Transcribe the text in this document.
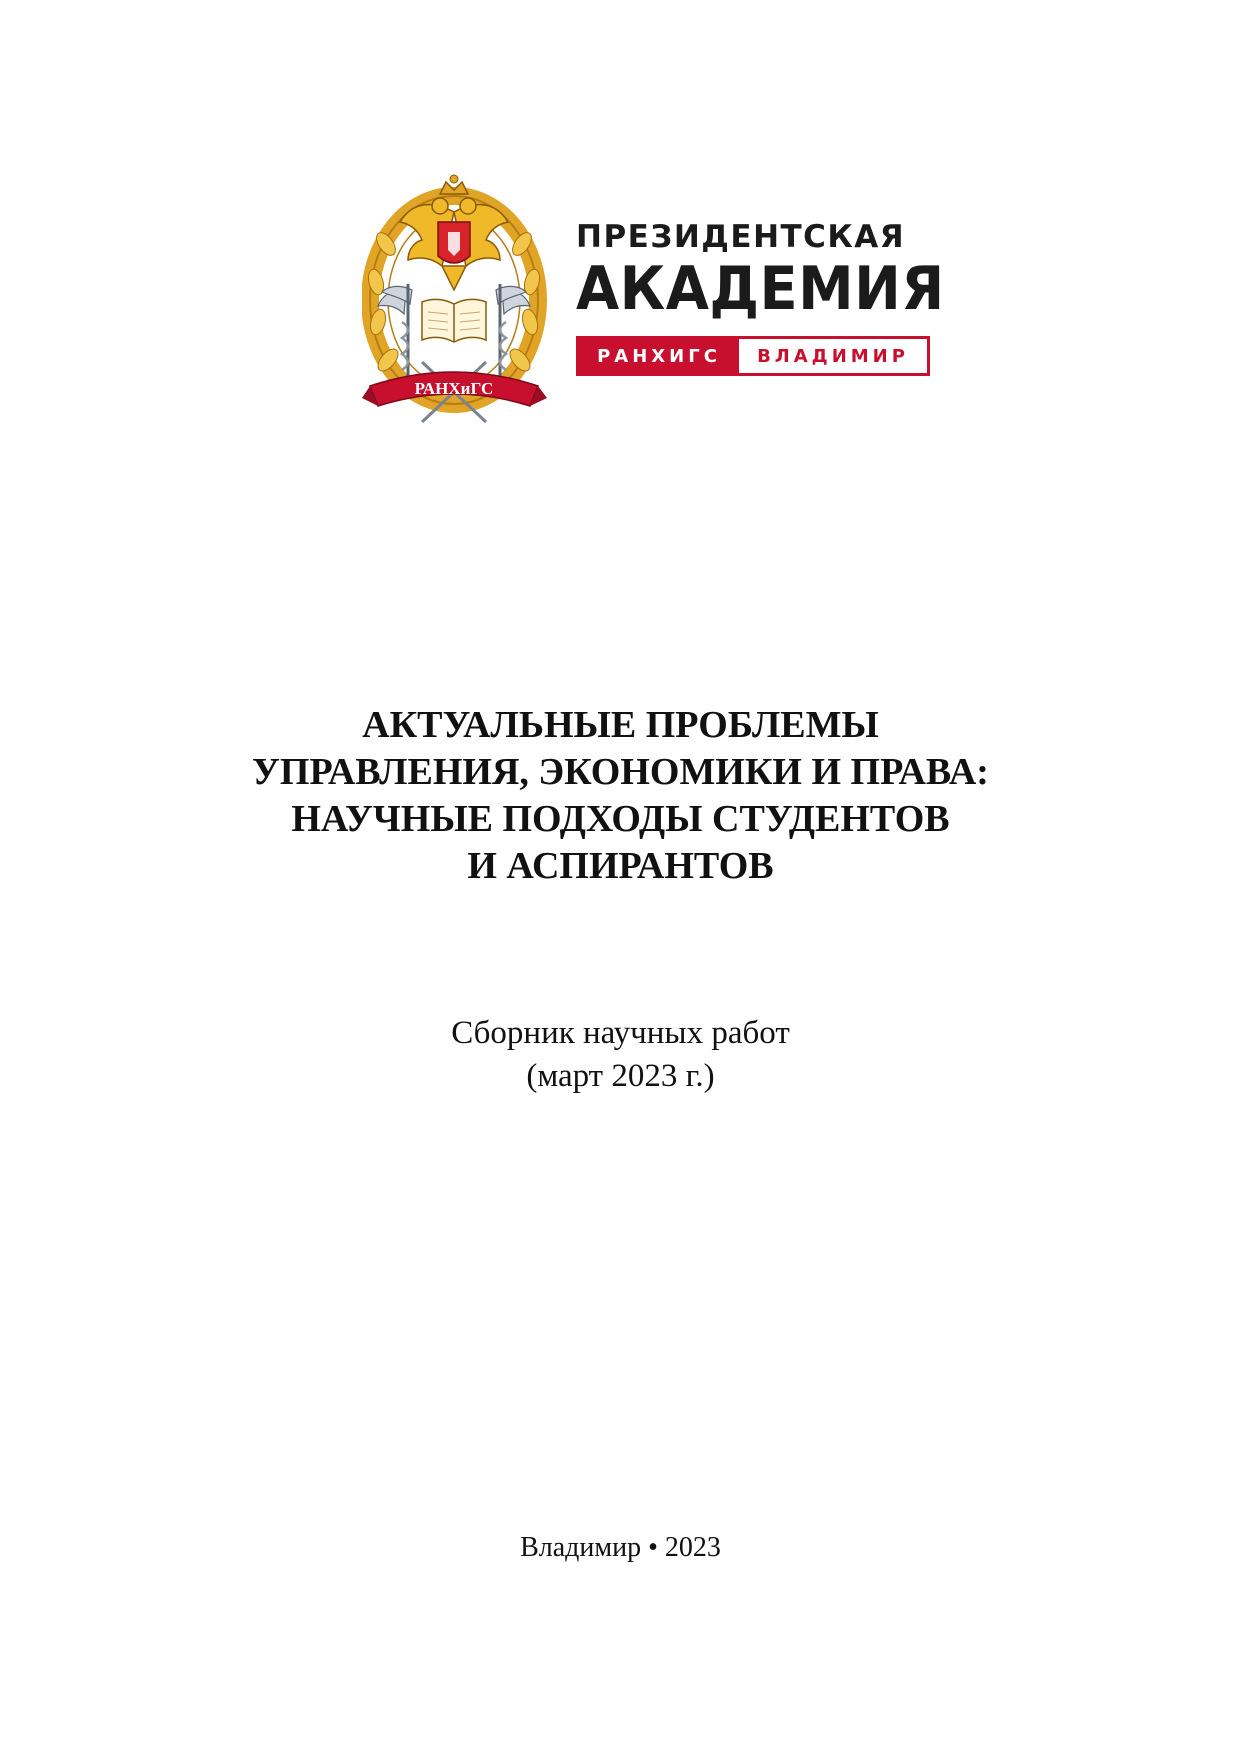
РАНХиГС
ПРЕЗИДЕНТСКАЯ
АКАДЕМИЯ
РАНХИГС	ВЛАДИМИР
АКТУАЛЬНЫЕ ПРОБЛЕМЫ
УПРАВЛЕНИЯ, ЭКОНОМИКИ И ПРАВА:
НАУЧНЫЕ ПОДХОДЫ СТУДЕНТОВ
И АСПИРАНТОВ
Сборник научных работ
(март 2023 г.)
Владимир • 2023
